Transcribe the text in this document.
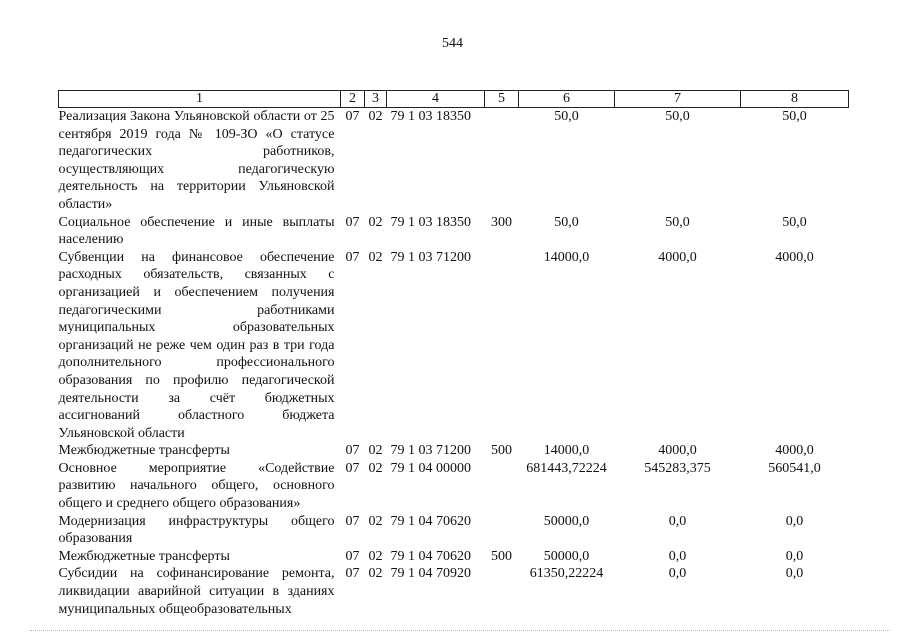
544
1	2	3	4	5	6	7	8
Реализация Закона Ульяновской области от 25 сентября 2019 года № 109-ЗО «О статусе педагогических работников, осуществляющих педагогическую деятельность на территории Ульяновской области»	07	02	79 1 03 18350		50,0	50,0	50,0
Социальное обеспечение и иные выплаты населению	07	02	79 1 03 18350	300	50,0	50,0	50,0
Субвенции на финансовое обеспечение расходных обязательств, связанных с организацией и обеспечением получения педагогическими работниками муниципальных образовательных организаций не реже чем один раз в три года дополнительного профессионального образования по профилю педагогической деятельности за счёт бюджетных ассигнований областного бюджета Ульяновской области	07	02	79 1 03 71200		14000,0	4000,0	4000,0
Межбюджетные трансферты	07	02	79 1 03 71200	500	14000,0	4000,0	4000,0
Основное мероприятие «Содействие развитию начального общего, основного общего и среднего общего образования»	07	02	79 1 04 00000		681443,72224	545283,375	560541,0
Модернизация инфраструктуры общего образования	07	02	79 1 04 70620		50000,0	0,0	0,0
Межбюджетные трансферты	07	02	79 1 04 70620	500	50000,0	0,0	0,0
Субсидии на софинансирование ремонта, ликвидации аварийной ситуации в зданиях муниципальных общеобразовательных	07	02	79 1 04 70920		61350,22224	0,0	0,0
